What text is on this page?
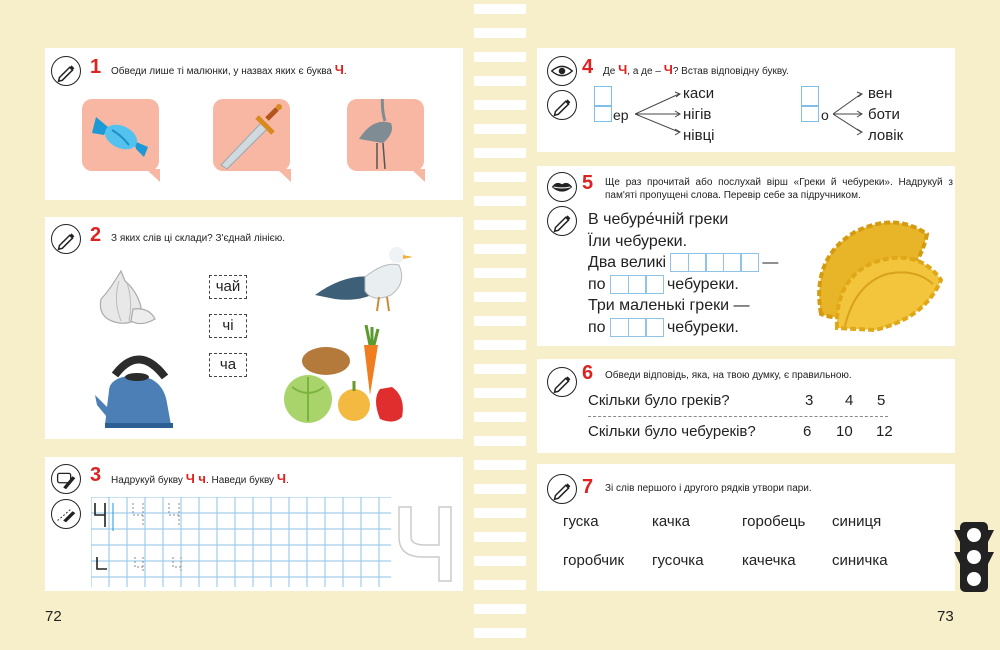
1 Обведи лише ті малюнки, у назвах яких є буква Ч.
2 З яких слів ці склади? З'єднай лінією.
чай
чі
ча
3 Надрукуй букву Ч ч. Наведи букву Ч.
72
4 Де Ч, а де – Ч? Встав відповідну букву.
ер
каси
нігів
нівці
о
вен
боти
ловік
5 Ще раз прочитай або послухай вірш «Греки й чебуреки». Надрукуй з пам'яті пропущені слова. Перевір себе за підручником.
В чебуре́чній греки
Їли чебуреки.
Два великі	—
по	чебуреки.
Три маленькі греки —
по	чебуреки.
6 Обведи відповідь, яка, на твою думку, є правильною.
Скільки було греків?	3 4 5
Скільки було чебуреків?	6 10 12
7 Зі слів першого і другого рядків утвори пари.
гуска	качка	горобець синиця
горобчик гусочка	качечка синичка
73
